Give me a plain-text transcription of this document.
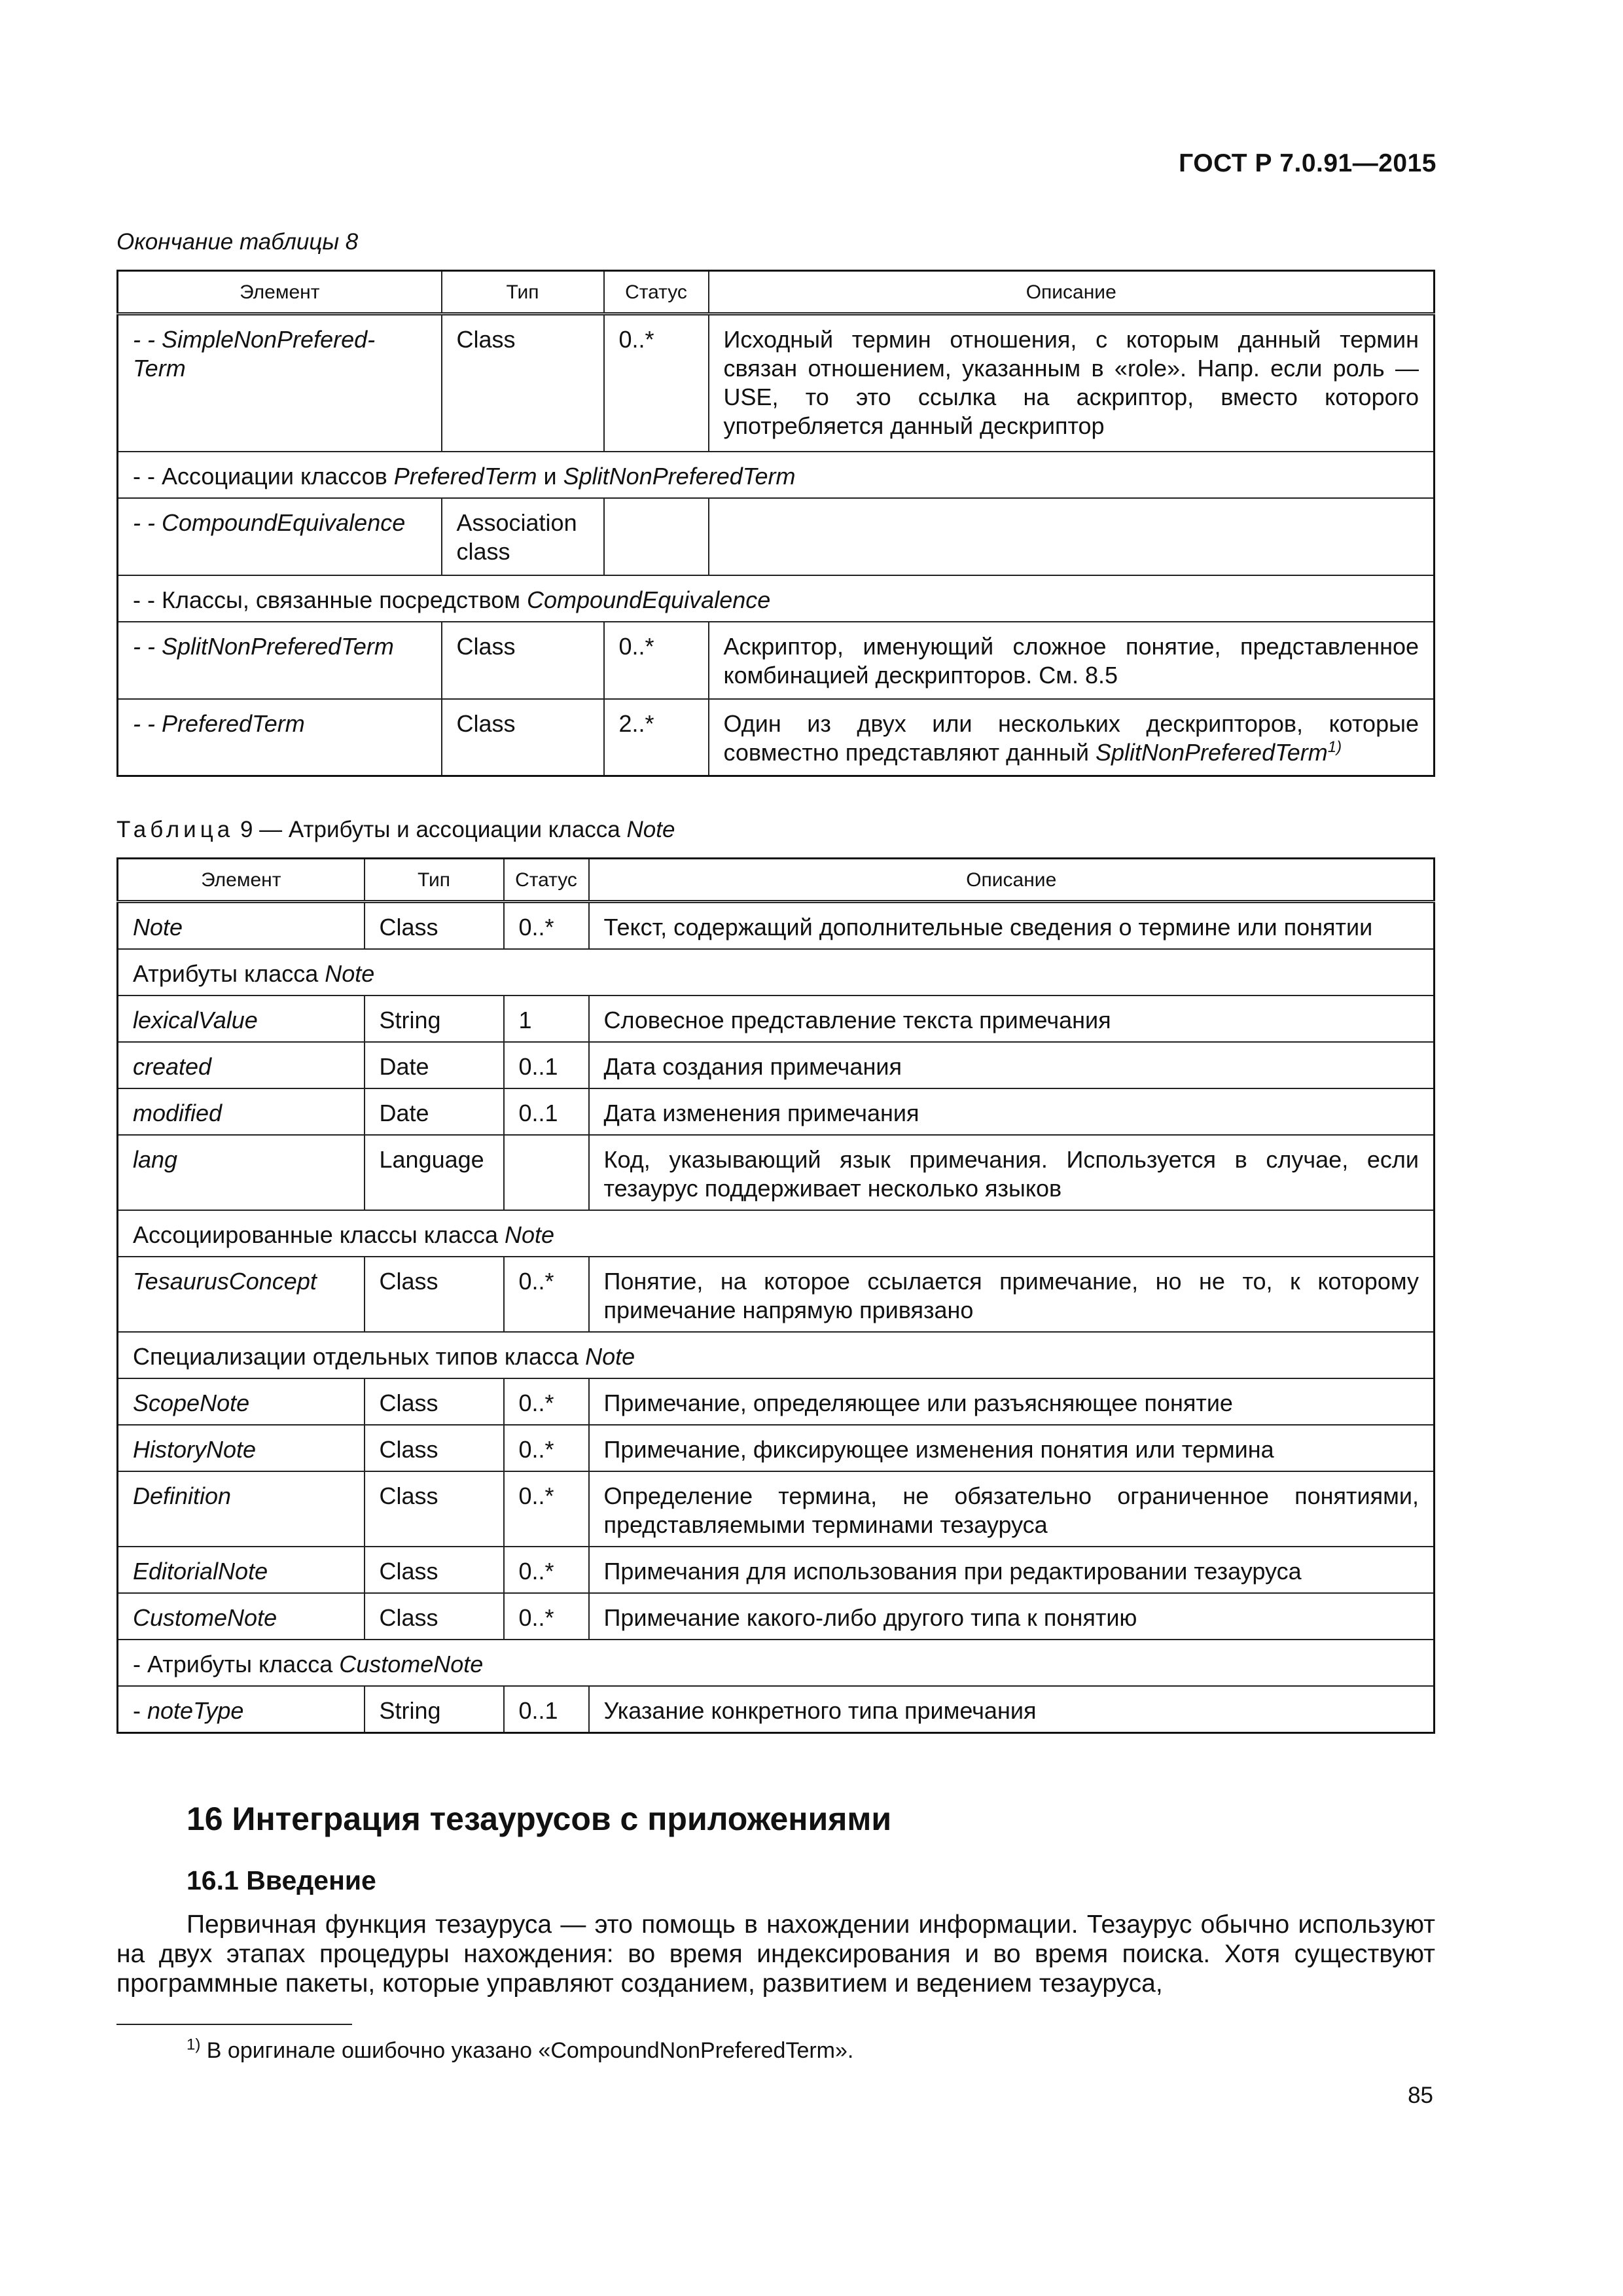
ГОСТ Р 7.0.91—2015
Окончание таблицы 8
Элемент	Тип	Статус	Описание
- - SimpleNonPrefered-Term	Class	0..*	Исходный термин отношения, с которым данный термин связан отношением, указанным в «role». Напр. если роль — USE, то это ссылка на аскриптор, вместо которого употребляется данный дескриптор
- - Ассоциации классов PreferedTerm и SplitNonPreferedTerm			
- - CompoundEquivalence	Association class		
- - Классы, связанные посредством CompoundEquivalence			
- - SplitNonPreferedTerm	Class	0..*	Аскриптор, именующий сложное понятие, представленное комбинацией дескрипторов. См. 8.5
- - PreferedTerm	Class	2..*	Один из двух или нескольких дескрипторов, которые совместно представляют данный SplitNonPreferedTerm$^{1)}$
Таблица 9 — Атрибуты и ассоциации класса Note
Элемент	Тип	Статус	Описание
Note	Class	0..*	Текст, содержащий дополнительные сведения о термине или понятии
Атрибуты класса Note			
lexicalValue	String	1	Словесное представление текста примечания
created	Date	0..1	Дата создания примечания
modified	Date	0..1	Дата изменения примечания
lang	Language		Код, указывающий язык примечания. Используется в случае, если тезаурус поддерживает несколько языков
Ассоциированные классы класса Note			
TesaurusConcept	Class	0..*	Понятие, на которое ссылается примечание, но не то, к которому примечание напрямую привязано
Специализации отдельных типов класса Note			
ScopeNote	Class	0..*	Примечание, определяющее или разъясняющее понятие
HistoryNote	Class	0..*	Примечание, фиксирующее изменения понятия или термина
Definition	Class	0..*	Определение термина, не обязательно ограниченное понятиями, представляемыми терминами тезауруса
EditorialNote	Class	0..*	Примечания для использования при редактировании тезауруса
CustomeNote	Class	0..*	Примечание какого-либо другого типа к понятию
- Атрибуты класса CustomeNote			
- noteType	String	0..1	Указание конкретного типа примечания
16 Интеграция тезаурусов с приложениями
16.1 Введение
Первичная функция тезауруса — это помощь в нахождении информации. Тезаурус обычно используют на двух этапах процедуры нахождения: во время индексирования и во время поиска. Хотя существуют программные пакеты, которые управляют созданием, развитием и ведением тезауруса,
$^{1)}$ В оригинале ошибочно указано «CompoundNonPreferedTerm».
85
